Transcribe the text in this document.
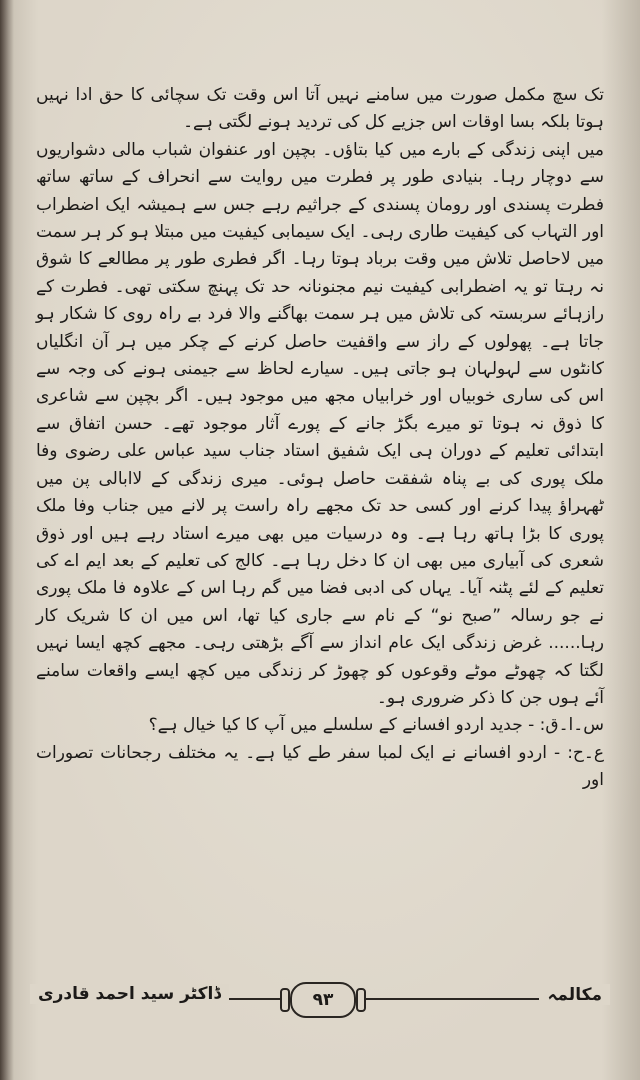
تک سچ مکمل صورت میں سامنے نہیں آتا اس وقت تک سچائی کا حق ادا نہیں ہوتا بلکہ بسا اوقات اس جزیے کل کی تردید ہونے لگتی ہے۔

میں اپنی زندگی کے بارے میں کیا بتاؤں۔ بچپن اور عنفوان شباب مالی دشواریوں سے دوچار رہا۔ بنیادی طور پر فطرت میں روایت سے انحراف کے ساتھ ساتھ فطرت پسندی اور رومان پسندی کے جراثیم رہے جس سے ہمیشہ ایک اضطراب اور التہاب کی کیفیت طاری رہی۔ ایک سیمابی کیفیت میں مبتلا ہو کر ہر سمت میں لاحاصل تلاش میں وقت برباد ہوتا رہا۔ اگر فطری طور پر مطالعے کا شوق نہ رہتا تو یہ اضطرابی کیفیت نیم مجنونانہ حد تک پہنچ سکتی تھی۔ فطرت کے رازہائے سربستہ کی تلاش میں ہر سمت بھاگنے والا فرد بے راہ روی کا شکار ہو جاتا ہے۔ پھولوں کے راز سے واقفیت حاصل کرنے کے چکر میں ہر آن انگلیاں کانٹوں سے لہولہان ہو جاتی ہیں۔ سیارے لحاظ سے جیمنی ہونے کی وجہ سے اس کی ساری خوبیاں اور خرابیاں مجھ میں موجود ہیں۔ اگر بچپن سے شاعری کا ذوق نہ ہوتا تو میرے بگڑ جانے کے پورے آثار موجود تھے۔ حسن اتفاق سے ابتدائی تعلیم کے دوران ہی ایک شفیق استاد جناب سید عباس علی رضوی وفا ملک پوری کی بے پناہ شفقت حاصل ہوئی۔ میری زندگی کے لاابالی پن میں ٹھہراؤ پیدا کرنے اور کسی حد تک مجھے راہ راست پر لانے میں جناب وفا ملک پوری کا بڑا ہاتھ رہا ہے۔ وہ درسیات میں بھی میرے استاد رہے ہیں اور ذوق شعری کی آبیاری میں بھی ان کا دخل رہا ہے۔ کالج کی تعلیم کے بعد ایم اے کی تعلیم کے لئے پٹنہ آیا۔ یہاں کی ادبی فضا میں گم رہا اس کے علاوہ فا ملک پوری نے جو رسالہ ”صبح نو“ کے نام سے جاری کیا تھا، اس میں ان کا شریک کار رہا...... غرض زندگی ایک عام انداز سے آگے بڑھتی رہی۔ مجھے کچھ ایسا نہیں لگتا کہ چھوٹے موٹے وقوعوں کو چھوڑ کر زندگی میں کچھ ایسے واقعات سامنے آئے ہوں جن کا ذکر ضروری ہو۔

س۔ا۔ق: - جدید اردو افسانے کے سلسلے میں آپ کا کیا خیال ہے؟

ع۔ح: - اردو افسانے نے ایک لمبا سفر طے کیا ہے۔ یہ مختلف رجحانات تصورات اور

مکالمہ
ڈاکٹر سید احمد قادری	۹۳
